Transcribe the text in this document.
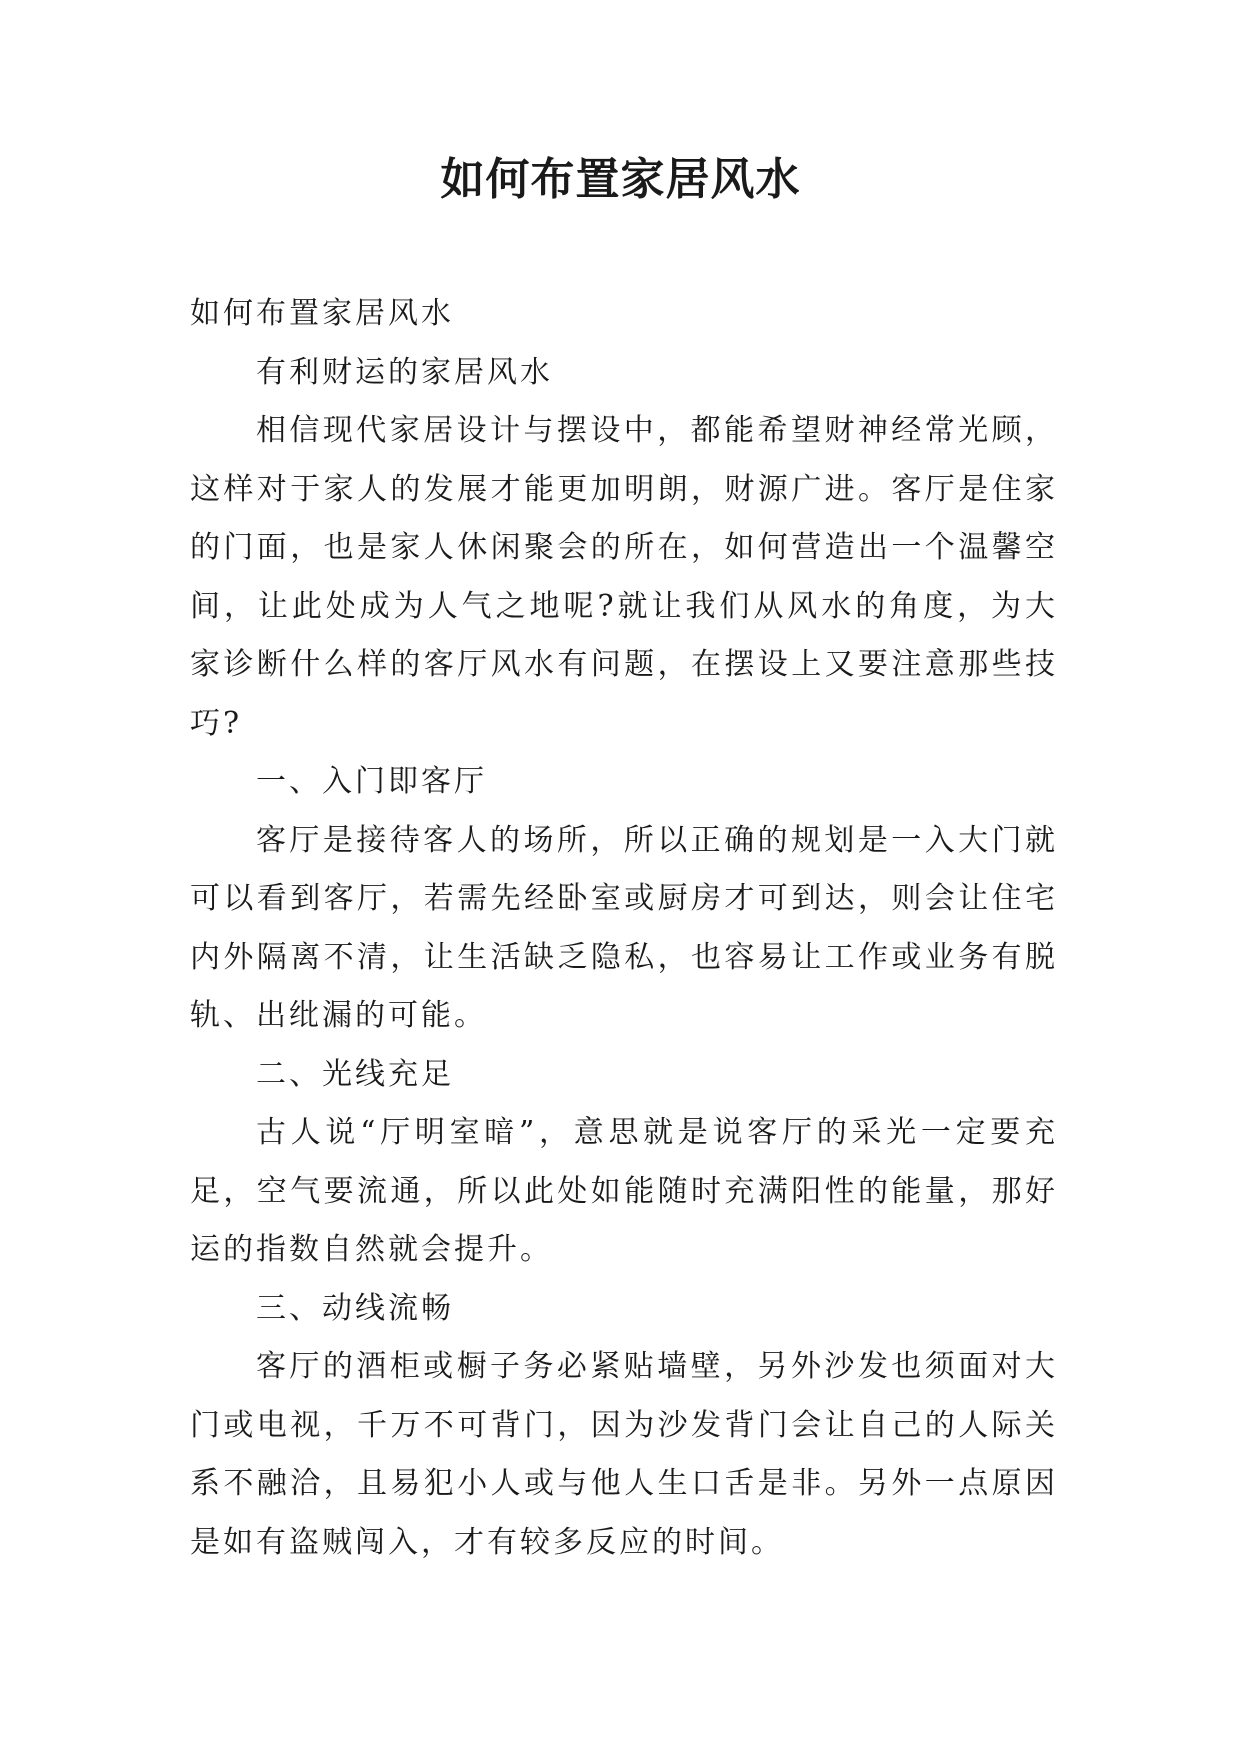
如何布置家居风水

如何布置家居风水

有利财运的家居风水

相信现代家居设计与摆设中，都能希望财神经常光顾，这样对于家人的发展才能更加明朗，财源广进。客厅是住家的门面，也是家人休闲聚会的所在，如何营造出一个温馨空间，让此处成为人气之地呢?就让我们从风水的角度，为大家诊断什么样的客厅风水有问题，在摆设上又要注意那些技巧?

一、入门即客厅

客厅是接待客人的场所，所以正确的规划是一入大门就可以看到客厅，若需先经卧室或厨房才可到达，则会让住宅内外隔离不清，让生活缺乏隐私，也容易让工作或业务有脱轨、出纰漏的可能。

二、光线充足

古人说“厅明室暗”，意思就是说客厅的采光一定要充足，空气要流通，所以此处如能随时充满阳性的能量，那好运的指数自然就会提升。

三、动线流畅

客厅的酒柜或橱子务必紧贴墙壁，另外沙发也须面对大门或电视，千万不可背门，因为沙发背门会让自己的人际关系不融洽，且易犯小人或与他人生口舌是非。另外一点原因是如有盗贼闯入，才有较多反应的时间。
